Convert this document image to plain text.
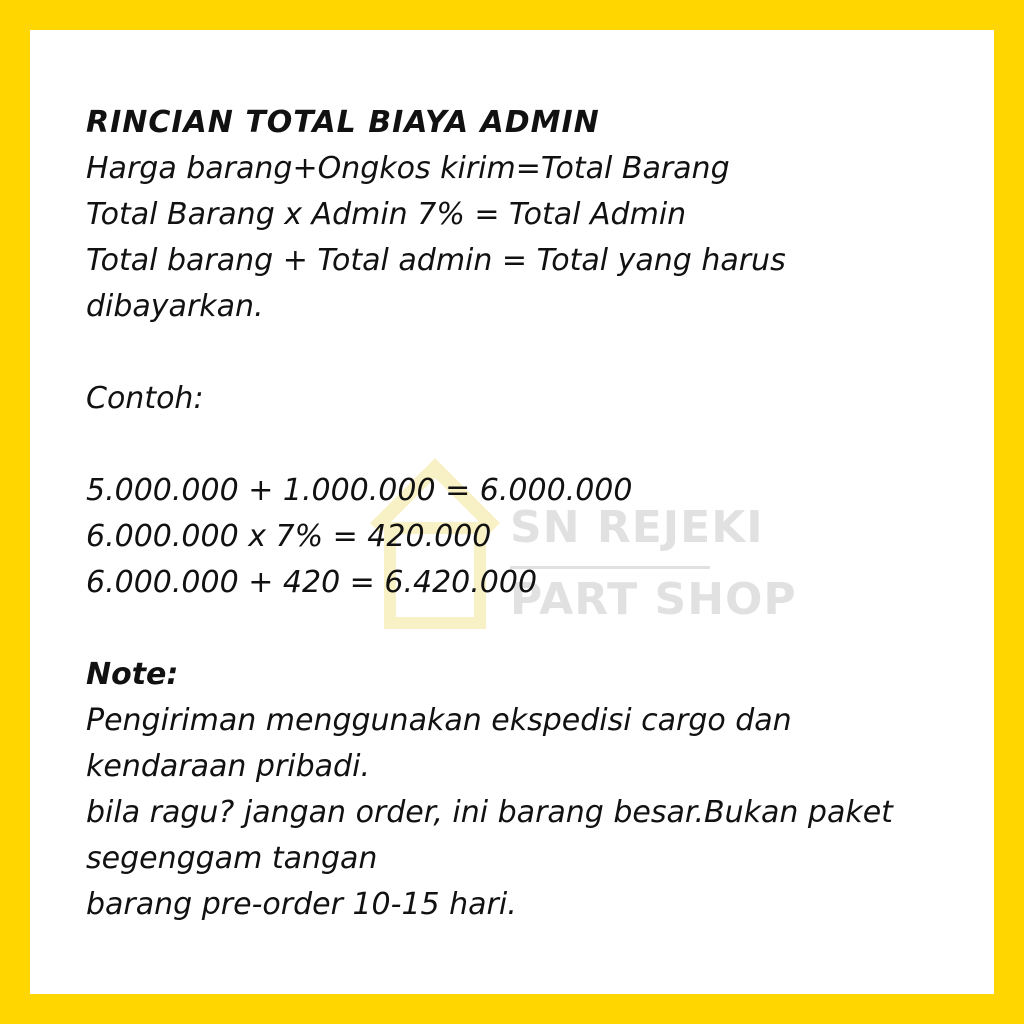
SN REJEKI
PART SHOP
RINCIAN TOTAL BIAYA ADMIN
Harga barang+Ongkos kirim=Total Barang
Total Barang x Admin 7% = Total Admin
Total barang + Total admin = Total yang harus
dibayarkan.
Contoh:
5.000.000 + 1.000.000 = 6.000.000
6.000.000 x 7% = 420.000
6.000.000 + 420 = 6.420.000
Note:
Pengiriman menggunakan ekspedisi cargo dan
kendaraan pribadi.
bila ragu? jangan order, ini barang besar.Bukan paket
segenggam tangan
barang pre-order 10-15 hari.
